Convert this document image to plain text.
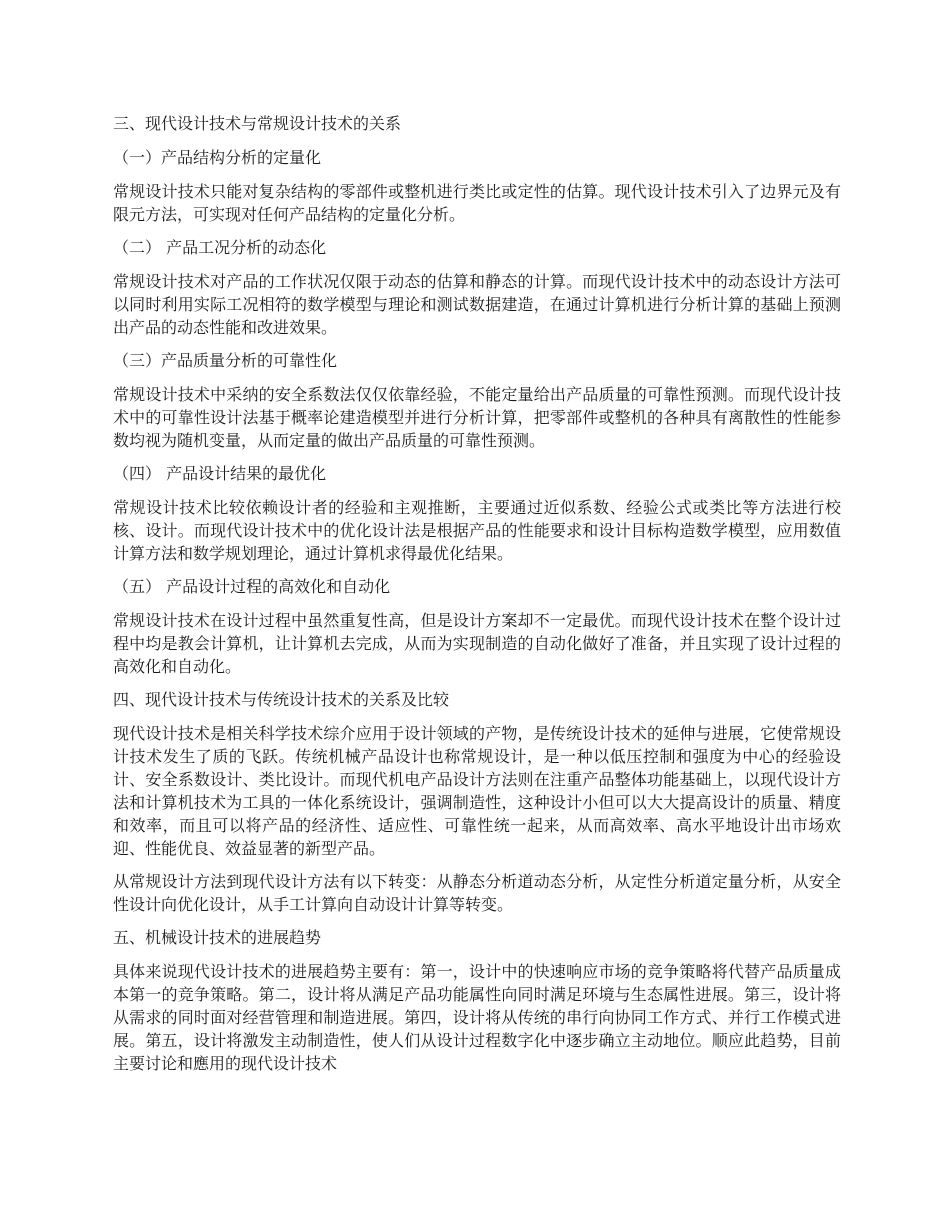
三、现代设计技术与常规设计技术的关系
（一）产品结构分析的定量化
常规设计技术只能对复杂结构的零部件或整机进行类比或定性的估算。现代设计技术引入了边界元及有限元方法，可实现对任何产品结构的定量化分析。
（二） 产品工况分析的动态化
常规设计技术对产品的工作状况仅限于动态的估算和静态的计算。而现代设计技术中的动态设计方法可以同时利用实际工况相符的数学模型与理论和测试数据建造，在通过计算机进行分析计算的基础上预测出产品的动态性能和改进效果。
（三）产品质量分析的可靠性化
常规设计技术中采纳的安全系数法仅仅依靠经验，不能定量给出产品质量的可靠性预测。而现代设计技术中的可靠性设计法基于概率论建造模型并进行分析计算，把零部件或整机的各种具有离散性的性能参数均视为随机变量，从而定量的做出产品质量的可靠性预测。
（四） 产品设计结果的最优化
常规设计技术比较依赖设计者的经验和主观推断，主要通过近似系数、经验公式或类比等方法进行校核、设计。而现代设计技术中的优化设计法是根据产品的性能要求和设计目标构造数学模型，应用数值计算方法和数学规划理论，通过计算机求得最优化结果。
（五） 产品设计过程的高效化和自动化
常规设计技术在设计过程中虽然重复性高，但是设计方案却不一定最优。而现代设计技术在整个设计过程中均是教会计算机，让计算机去完成，从而为实现制造的自动化做好了准备，并且实现了设计过程的高效化和自动化。
四、现代设计技术与传统设计技术的关系及比较
现代设计技术是相关科学技术综介应用于设计领域的产物，是传统设计技术的延伸与进展，它使常规设计技术发生了质的飞跃。传统机械产品设计也称常规设计，是一种以低压控制和强度为中心的经验设计、安全系数设计、类比设计。而现代机电产品设计方法则在注重产品整体功能基础上，以现代设计方法和计算机技术为工具的一体化系统设计，强调制造性，这种设计小但可以大大提高设计的质量、精度和效率，而且可以将产品的经济性、适应性、可靠性统一起来，从而高效率、高水平地设计出市场欢迎、性能优良、效益显著的新型产品。
从常规设计方法到现代设计方法有以下转变：从静态分析道动态分析，从定性分析道定量分析，从安全性设计向优化设计，从手工计算向自动设计计算等转变。
五、机械设计技术的进展趋势
具体来说现代设计技术的进展趋势主要有：第一，设计中的快速响应市场的竞争策略将代替产品质量成本第一的竞争策略。第二，设计将从满足产品功能属性向同时满足环境与生态属性进展。第三，设计将从需求的同时面对经营管理和制造进展。第四，设计将从传统的串行向协同工作方式、并行工作模式进展。第五，设计将激发主动制造性，使人们从设计过程数字化中逐步确立主动地位。顺应此趋势，目前主要讨论和應用的现代设计技术
